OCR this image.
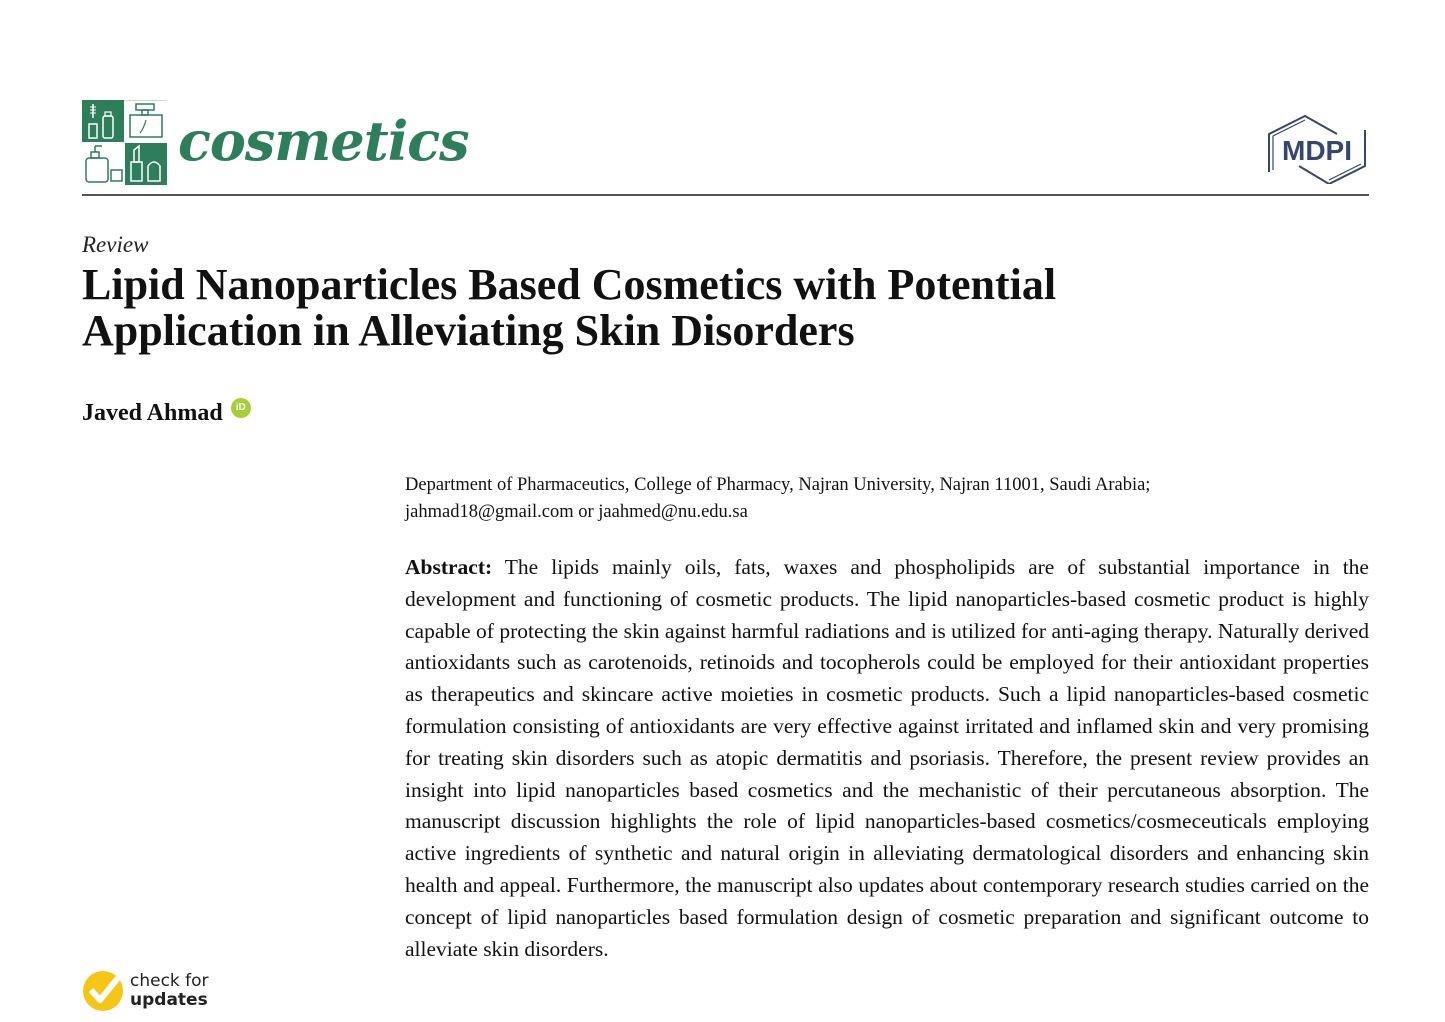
cosmetics	MDPI
Review
Lipid Nanoparticles Based Cosmetics with Potential Application in Alleviating Skin Disorders
Javed Ahmad	iD
Department of Pharmaceutics, College of Pharmacy, Najran University, Najran 11001, Saudi Arabia;
jahmad18@gmail.com or jaahmed@nu.edu.sa

Abstract: The lipids mainly oils, fats, waxes and phospholipids are of substantial importance in the development and functioning of cosmetic products. The lipid nanoparticles-based cosmetic product is highly capable of protecting the skin against harmful radiations and is utilized for anti-aging therapy. Naturally derived antioxidants such as carotenoids, retinoids and tocopherols could be employed for their antioxidant properties as therapeutics and skincare active moieties in cosmetic products. Such a lipid nanoparticles-based cosmetic formulation consisting of antioxidants are very effective against irritated and inflamed skin and very promising for treating skin disorders such as atopic dermatitis and psoriasis. Therefore, the present review provides an insight into lipid nanoparticles based cosmetics and the mechanistic of their percutaneous absorption. The manuscript discussion highlights the role of lipid nanoparticles-based cosmetics/cosmeceuticals employing active ingredients of synthetic and natural origin in alleviating dermatological disorders and enhancing skin health and appeal. Furthermore, the manuscript also updates about contemporary research studies carried on the concept of lipid nanoparticles based formulation design of cosmetic preparation and significant outcome to alleviate skin disorders.

check for
updates
